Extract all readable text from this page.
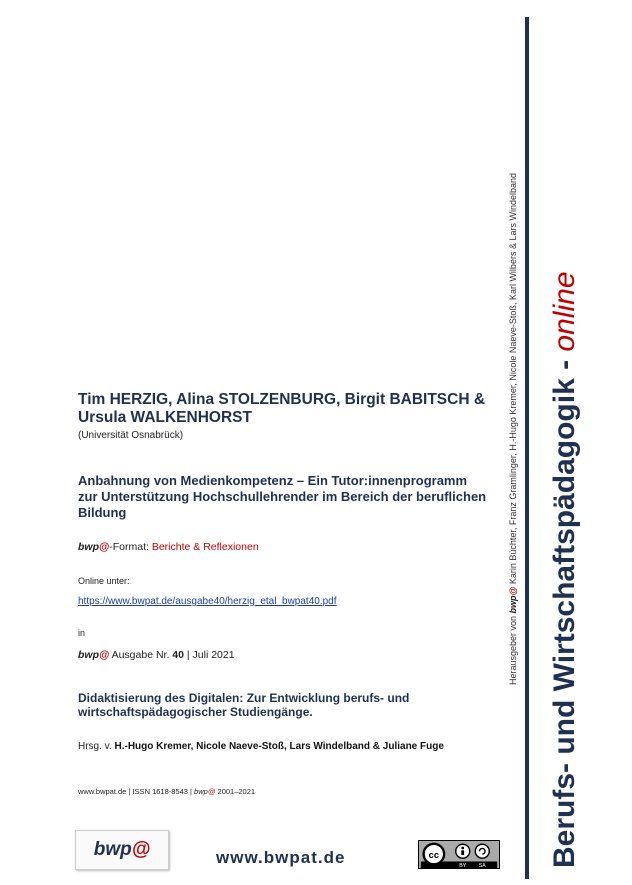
Tim HERZIG, Alina STOLZENBURG, Birgit BABITSCH & Ursula WALKENHORST
(Universität Osnabrück)
Anbahnung von Medienkompetenz – Ein Tutor:innenprogramm zur Unterstützung Hochschullehrender im Bereich der beruflichen Bildung
bwp@-Format: Berichte & Reflexionen
Online unter:
https://www.bwpat.de/ausgabe40/herzig_etal_bwpat40.pdf
in
bwp@ Ausgabe Nr. 40 | Juli 2021
Didaktisierung des Digitalen: Zur Entwicklung berufs- und wirtschaftspädagogischer Studiengänge.
Hrsg. v. H.-Hugo Kremer, Nicole Naeve-Stoß, Lars Windelband & Juliane Fuge
www.bwpat.de | ISSN 1618-8543 | bwp@ 2001–2021
bwp@	www.bwpat.de	cc
BY SA
Herausgeber von bwp@ Karin Büchter, Franz Gramlinger, H.-Hugo Kremer, Nicole Naeve-Stoß, Karl Wilbers & Lars Windelband Berufs- und Wirtschaftspädagogik - online
